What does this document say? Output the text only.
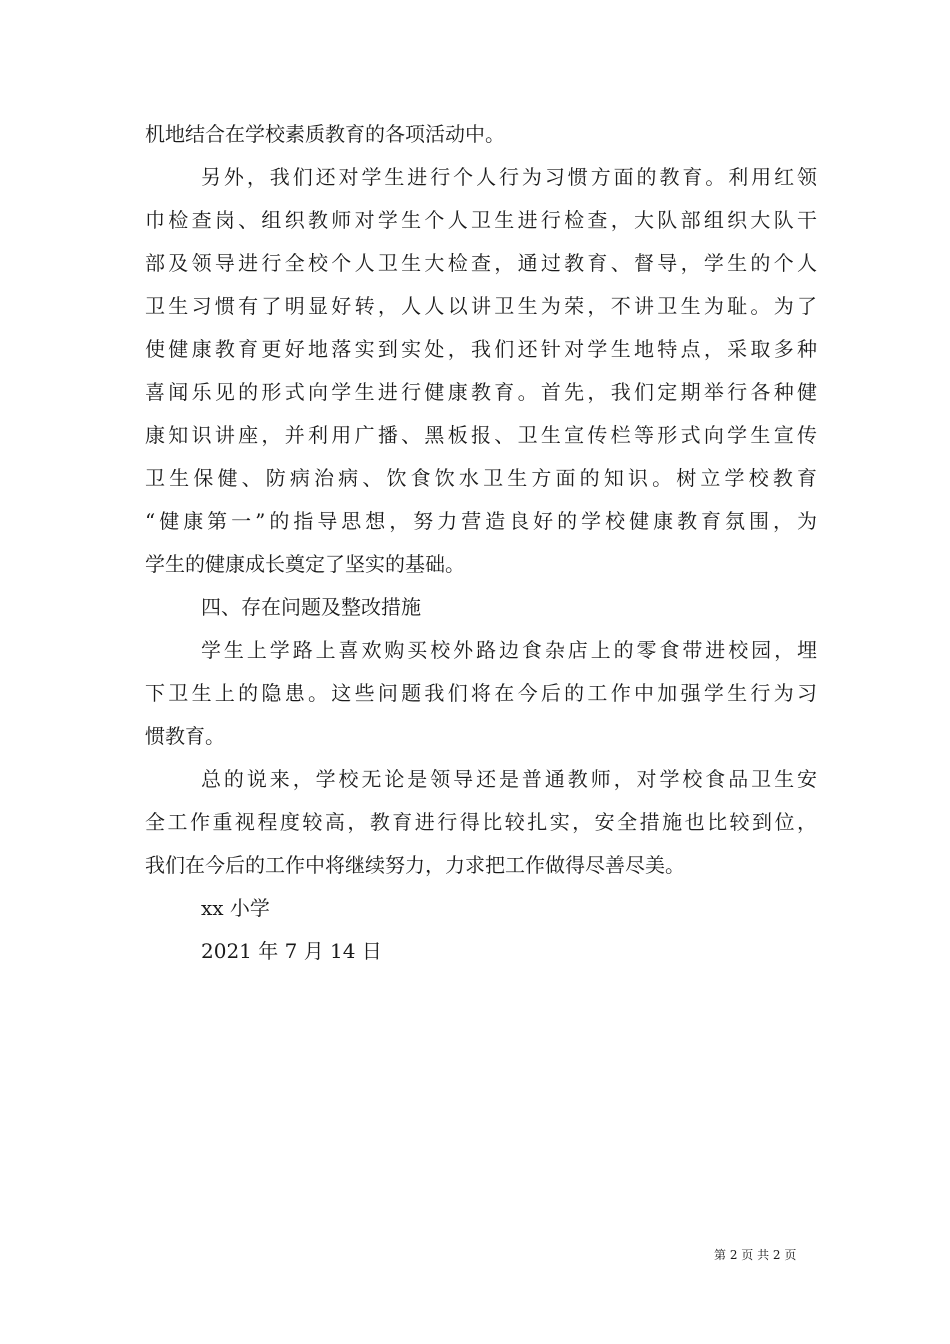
机地结合在学校素质教育的各项活动中。
另外，我们还对学生进行个人行为习惯方面的教育。利用红领
巾检查岗、组织教师对学生个人卫生进行检查，大队部组织大队干
部及领导进行全校个人卫生大检查，通过教育、督导，学生的个人
卫生习惯有了明显好转，人人以讲卫生为荣，不讲卫生为耻。为了
使健康教育更好地落实到实处，我们还针对学生地特点，采取多种
喜闻乐见的形式向学生进行健康教育。首先，我们定期举行各种健
康知识讲座，并利用广播、黑板报、卫生宣传栏等形式向学生宣传
卫生保健、防病治病、饮食饮水卫生方面的知识。树立学校教育
“健康第一”的指导思想，努力营造良好的学校健康教育氛围，为
学生的健康成长奠定了坚实的基础。
四、存在问题及整改措施
学生上学路上喜欢购买校外路边食杂店上的零食带进校园，埋
下卫生上的隐患。这些问题我们将在今后的工作中加强学生行为习
惯教育。
总的说来，学校无论是领导还是普通教师，对学校食品卫生安
全工作重视程度较高，教育进行得比较扎实，安全措施也比较到位，
我们在今后的工作中将继续努力，力求把工作做得尽善尽美。
xx 小学
2021 年 7 月 14 日
第 2 页 共 2 页
